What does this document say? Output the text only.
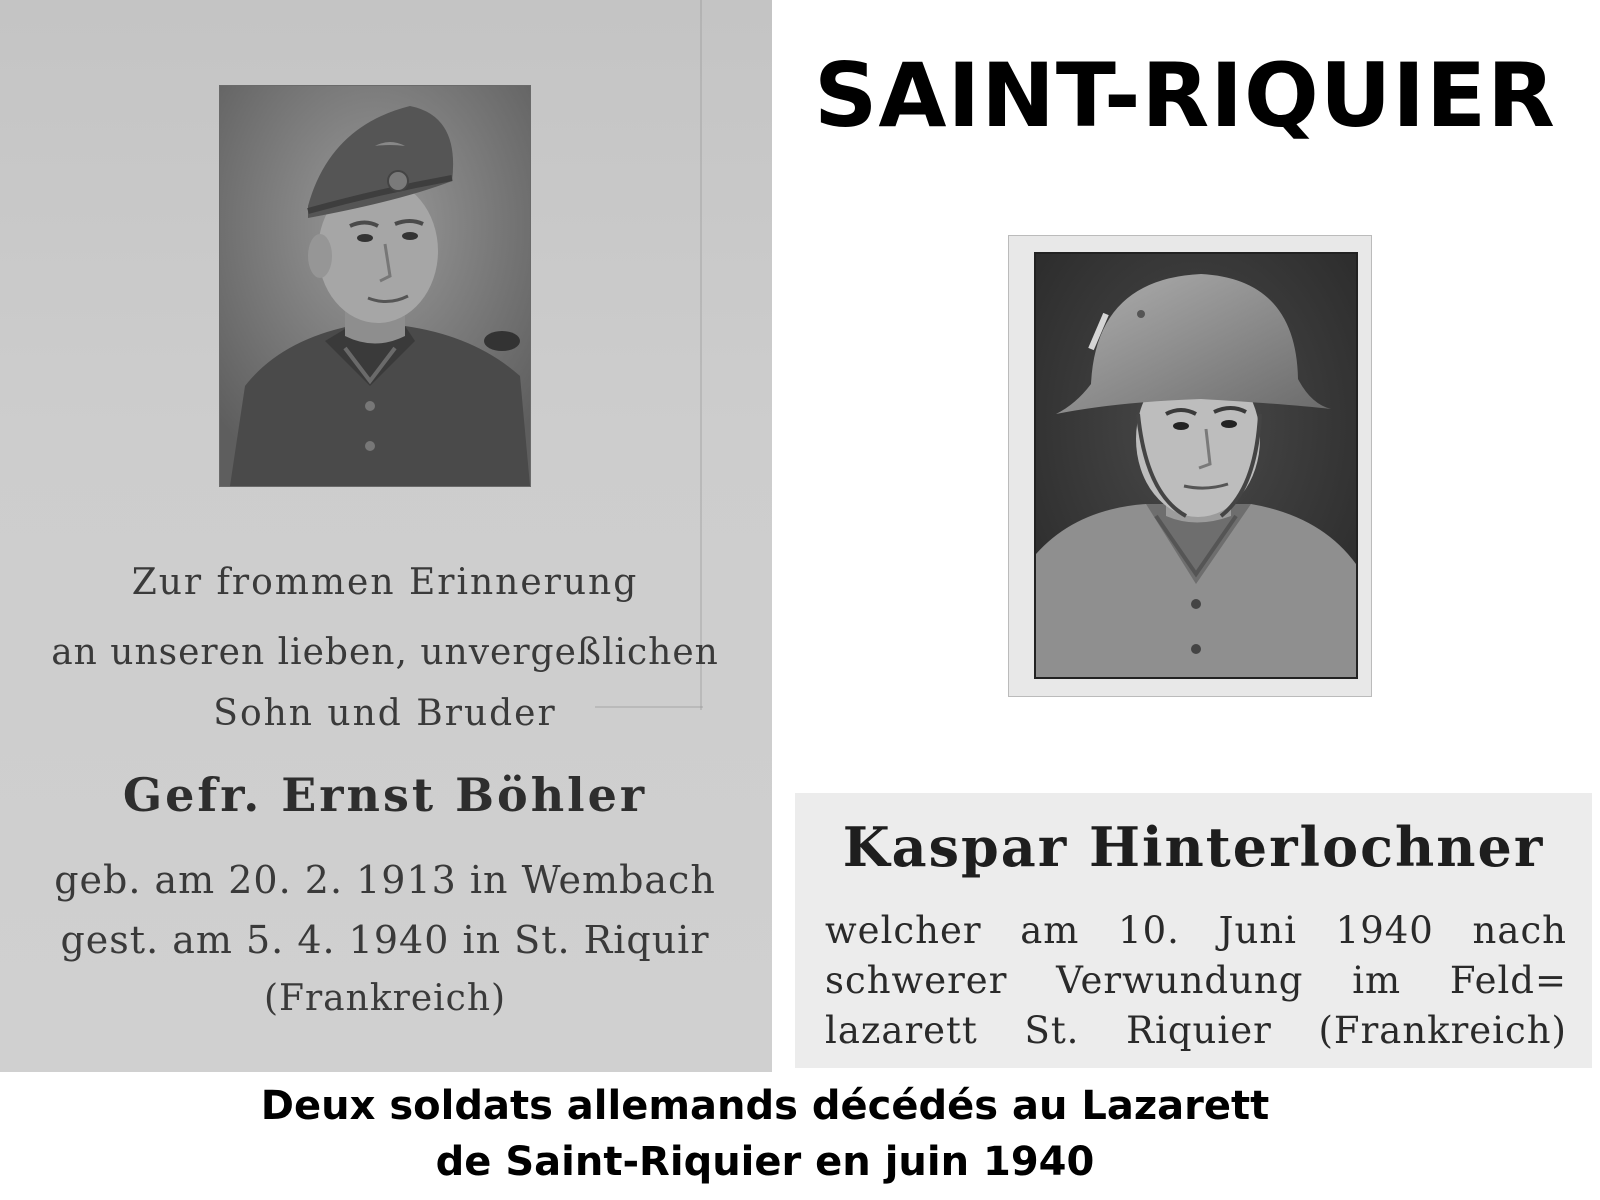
Zur frommen Erinnerung
an unseren lieben, unvergeßlichen
Sohn und Bruder
Gefr. Ernst Böhler
geb. am 20. 2. 1913 in Wembach
gest. am 5. 4. 1940 in St. Riquir
(Frankreich)
SAINT-RIQUIER
Kaspar Hinterlochner
welcher am 10. Juni 1940 nach
schwerer Verwundung im Feld=
lazarett St. Riquier (Frankreich)
Deux soldats allemands décédés au Lazarett
de Saint-Riquier en juin 1940
